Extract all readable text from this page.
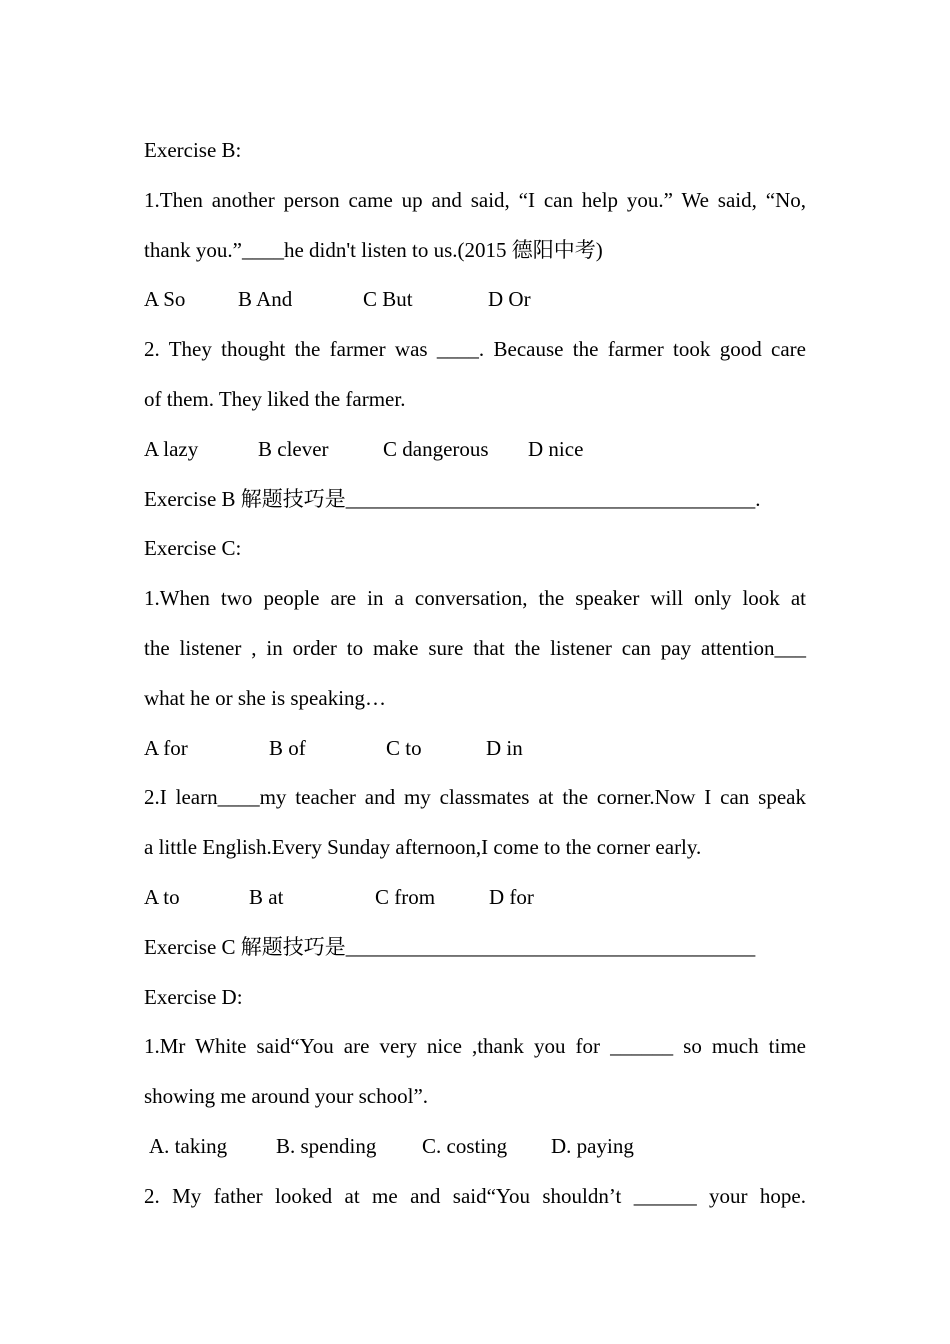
Exercise B:
1.Then another person came up and said, “I can help you.” We said, “No,
thank you.”____he didn't listen to us.(2015 德阳中考)
A So	B And	C But	D Or
2. They thought the farmer was ____. Because the farmer took good care
of them. They liked the farmer.
A lazy	B clever	C dangerous D nice
Exercise B 解题技巧是_______________________________________.
Exercise C:
1.When two people are in a conversation, the speaker will only look at
the listener , in order to make sure that the listener can pay attention___
what he or she is speaking…
A for	B of	C to	D in
2.I learn____my teacher and my classmates at the corner.Now I can speak
a little English.Every Sunday afternoon,I come to the corner early.
A to	B at	C from	D for
Exercise C 解题技巧是_______________________________________
Exercise D:
1.Mr White said“You are very nice ,thank you for ______ so much time
showing me around your school”.
A. taking B. spending C. costing D. paying
2. My father looked at me and said“You shouldn’t ______ your hope.
